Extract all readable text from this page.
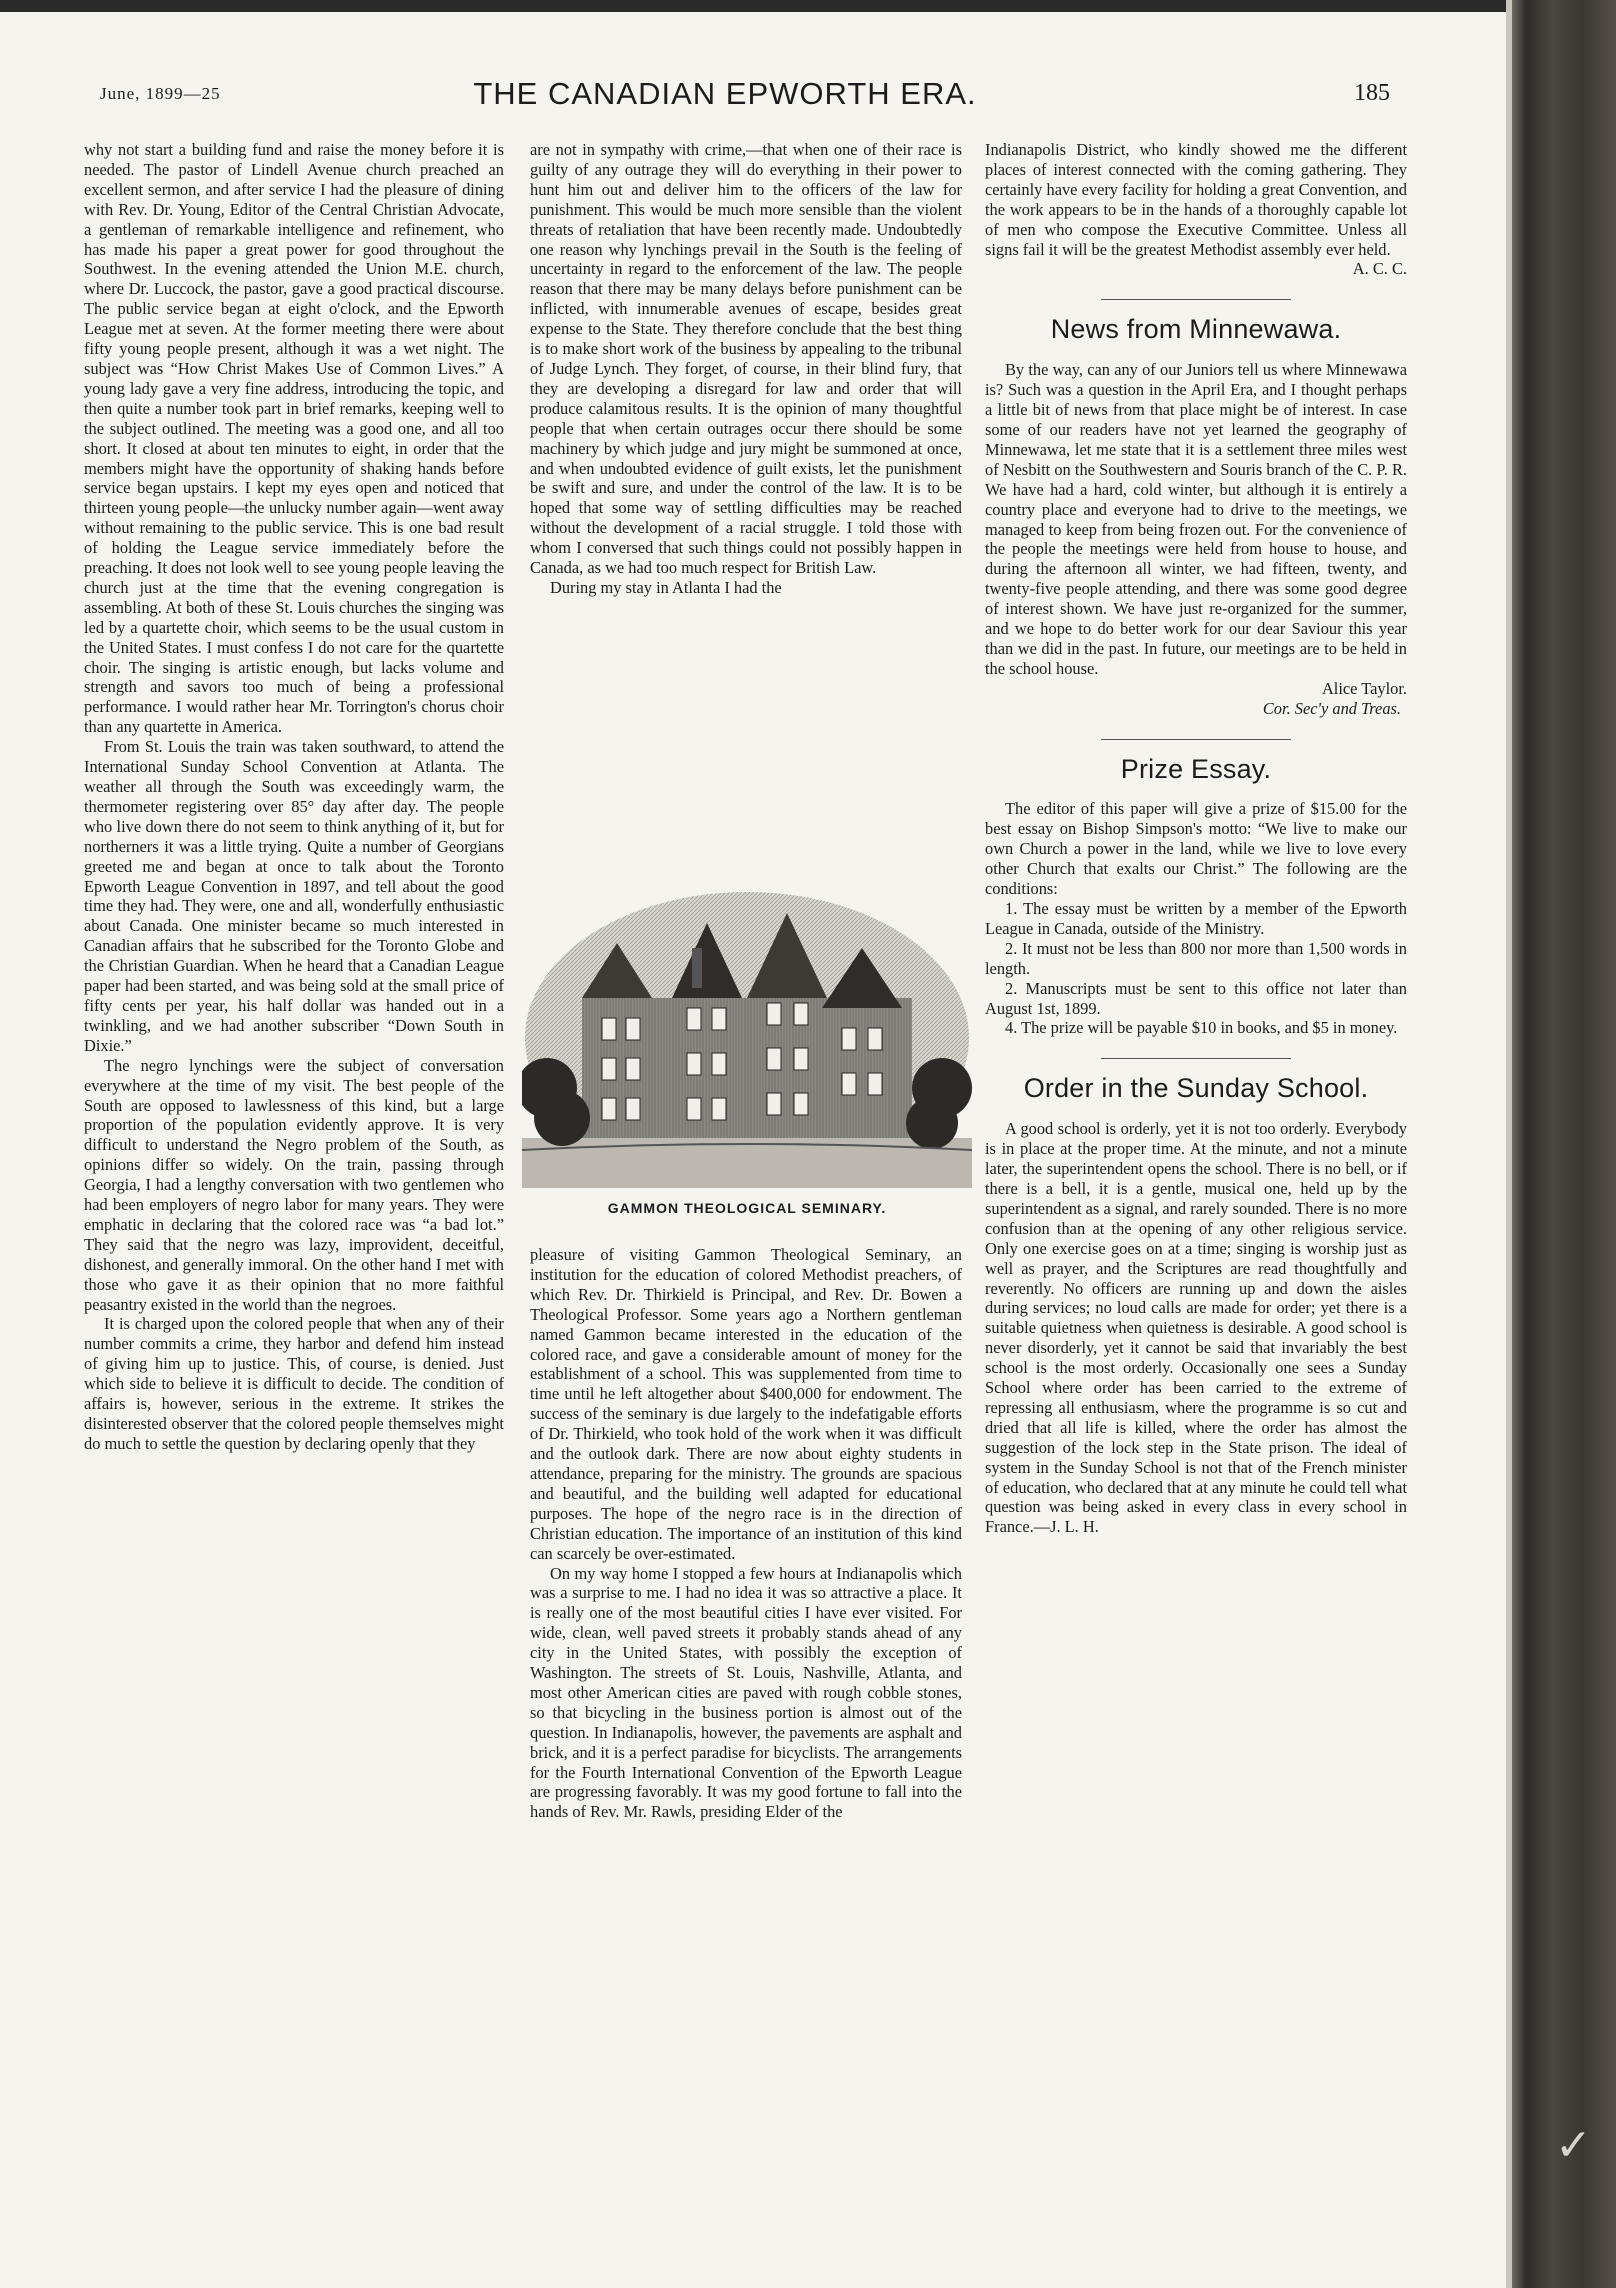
June, 1899—25	THE CANADIAN EPWORTH ERA.	185

why not start a building fund and raise the money before it is needed. The pastor of Lindell Avenue church preached an excellent sermon, and after service I had the pleasure of dining with Rev. Dr. Young, Editor of the Central Christian Advocate, a gentleman of remarkable intelligence and refinement, who has made his paper a great power for good throughout the Southwest. In the evening attended the Union M.E. church, where Dr. Luccock, the pastor, gave a good practical discourse. The public service began at eight o'clock, and the Epworth League met at seven. At the former meeting there were about fifty young people present, although it was a wet night. The subject was “How Christ Makes Use of Common Lives.” A young lady gave a very fine address, introducing the topic, and then quite a number took part in brief remarks, keeping well to the subject outlined. The meeting was a good one, and all too short. It closed at about ten minutes to eight, in order that the members might have the opportunity of shaking hands before service began upstairs. I kept my eyes open and noticed that thirteen young people—the unlucky number again—went away without remaining to the public service. This is one bad result of holding the League service immediately before the preaching. It does not look well to see young people leaving the church just at the time that the evening congregation is assembling. At both of these St. Louis churches the singing was led by a quartette choir, which seems to be the usual custom in the United States. I must confess I do not care for the quartette choir. The singing is artistic enough, but lacks volume and strength and savors too much of being a professional performance. I would rather hear Mr. Torrington's chorus choir than any quartette in America.

From St. Louis the train was taken southward, to attend the International Sunday School Convention at Atlanta. The weather all through the South was exceedingly warm, the thermometer registering over 85° day after day. The people who live down there do not seem to think anything of it, but for northerners it was a little trying. Quite a number of Georgians greeted me and began at once to talk about the Toronto Epworth League Convention in 1897, and tell about the good time they had. They were, one and all, wonderfully enthusiastic about Canada. One minister became so much interested in Canadian affairs that he subscribed for the Toronto Globe and the Christian Guardian. When he heard that a Canadian League paper had been started, and was being sold at the small price of fifty cents per year, his half dollar was handed out in a twinkling, and we had another subscriber “Down South in Dixie.”

The negro lynchings were the subject of conversation everywhere at the time of my visit. The best people of the South are opposed to lawlessness of this kind, but a large proportion of the population evidently approve. It is very difficult to understand the Negro problem of the South, as opinions differ so widely. On the train, passing through Georgia, I had a lengthy conversation with two gentlemen who had been employers of negro labor for many years. They were emphatic in declaring that the colored race was “a bad lot.” They said that the negro was lazy, improvident, deceitful, dishonest, and generally immoral. On the other hand I met with those who gave it as their opinion that no more faithful peasantry existed in the world than the negroes.

It is charged upon the colored people that when any of their number commits a crime, they harbor and defend him instead of giving him up to justice. This, of course, is denied. Just which side to believe it is difficult to decide. The condition of affairs is, however, serious in the extreme. It strikes the disinterested observer that the colored people themselves might do much to settle the question by declaring openly that they

are not in sympathy with crime,—that when one of their race is guilty of any outrage they will do everything in their power to hunt him out and deliver him to the officers of the law for punishment. This would be much more sensible than the violent threats of retaliation that have been recently made. Undoubtedly one reason why lynchings prevail in the South is the feeling of uncertainty in regard to the enforcement of the law. The people reason that there may be many delays before punishment can be inflicted, with innumerable avenues of escape, besides great expense to the State. They therefore conclude that the best thing is to make short work of the business by appealing to the tribunal of Judge Lynch. They forget, of course, in their blind fury, that they are developing a disregard for law and order that will produce calamitous results. It is the opinion of many thoughtful people that when certain outrages occur there should be some machinery by which judge and jury might be summoned at once, and when undoubted evidence of guilt exists, let the punishment be swift and sure, and under the control of the law. It is to be hoped that some way of settling difficulties may be reached without the development of a racial struggle. I told those with whom I conversed that such things could not possibly happen in Canada, as we had too much respect for British Law.

During my stay in Atlanta I had the

GAMMON THEOLOGICAL SEMINARY.

pleasure of visiting Gammon Theological Seminary, an institution for the education of colored Methodist preachers, of which Rev. Dr. Thirkield is Principal, and Rev. Dr. Bowen a Theological Professor. Some years ago a Northern gentleman named Gammon became interested in the education of the colored race, and gave a considerable amount of money for the establishment of a school. This was supplemented from time to time until he left altogether about $400,000 for endowment. The success of the seminary is due largely to the indefatigable efforts of Dr. Thirkield, who took hold of the work when it was difficult and the outlook dark. There are now about eighty students in attendance, preparing for the ministry. The grounds are spacious and beautiful, and the building well adapted for educational purposes. The hope of the negro race is in the direction of Christian education. The importance of an institution of this kind can scarcely be over-estimated.

On my way home I stopped a few hours at Indianapolis which was a surprise to me. I had no idea it was so attractive a place. It is really one of the most beautiful cities I have ever visited. For wide, clean, well paved streets it probably stands ahead of any city in the United States, with possibly the exception of Washington. The streets of St. Louis, Nashville, Atlanta, and most other American cities are paved with rough cobble stones, so that bicycling in the business portion is almost out of the question. In Indianapolis, however, the pavements are asphalt and brick, and it is a perfect paradise for bicyclists. The arrangements for the Fourth International Convention of the Epworth League are progressing favorably. It was my good fortune to fall into the hands of Rev. Mr. Rawls, presiding Elder of the

Indianapolis District, who kindly showed me the different places of interest connected with the coming gathering. They certainly have every facility for holding a great Convention, and the work appears to be in the hands of a thoroughly capable lot of men who compose the Executive Committee. Unless all signs fail it will be the greatest Methodist assembly ever held.

A. C. C.
News from Minnewawa.

By the way, can any of our Juniors tell us where Minnewawa is? Such was a question in the April Era, and I thought perhaps a little bit of news from that place might be of interest. In case some of our readers have not yet learned the geography of Minnewawa, let me state that it is a settlement three miles west of Nesbitt on the Southwestern and Souris branch of the C. P. R. We have had a hard, cold winter, but although it is entirely a country place and everyone had to drive to the meetings, we managed to keep from being frozen out. For the convenience of the people the meetings were held from house to house, and during the afternoon all winter, we had fifteen, twenty, and twenty-five people attending, and there was some good degree of interest shown. We have just re-organized for the summer, and we hope to do better work for our dear Saviour this year than we did in the past. In future, our meetings are to be held in the school house.

Alice Taylor.
Cor. Sec'y and Treas.
Prize Essay.

The editor of this paper will give a prize of $15.00 for the best essay on Bishop Simpson's motto: “We live to make our own Church a power in the land, while we live to love every other Church that exalts our Christ.” The following are the conditions:

1. The essay must be written by a member of the Epworth League in Canada, outside of the Ministry.

2. It must not be less than 800 nor more than 1,500 words in length.

2. Manuscripts must be sent to this office not later than August 1st, 1899.

4. The prize will be payable $10 in books, and $5 in money.

Order in the Sunday School.

A good school is orderly, yet it is not too orderly. Everybody is in place at the proper time. At the minute, and not a minute later, the superintendent opens the school. There is no bell, or if there is a bell, it is a gentle, musical one, held up by the superintendent as a signal, and rarely sounded. There is no more confusion than at the opening of any other religious service. Only one exercise goes on at a time; singing is worship just as well as prayer, and the Scriptures are read thoughtfully and reverently. No officers are running up and down the aisles during services; no loud calls are made for order; yet there is a suitable quietness when quietness is desirable. A good school is never disorderly, yet it cannot be said that invariably the best school is the most orderly. Occasionally one sees a Sunday School where order has been carried to the extreme of repressing all enthusiasm, where the programme is so cut and dried that all life is killed, where the order has almost the suggestion of the lock step in the State prison. The ideal of system in the Sunday School is not that of the French minister of education, who declared that at any minute he could tell what question was being asked in every class in every school in France.—J. L. H.

✓
